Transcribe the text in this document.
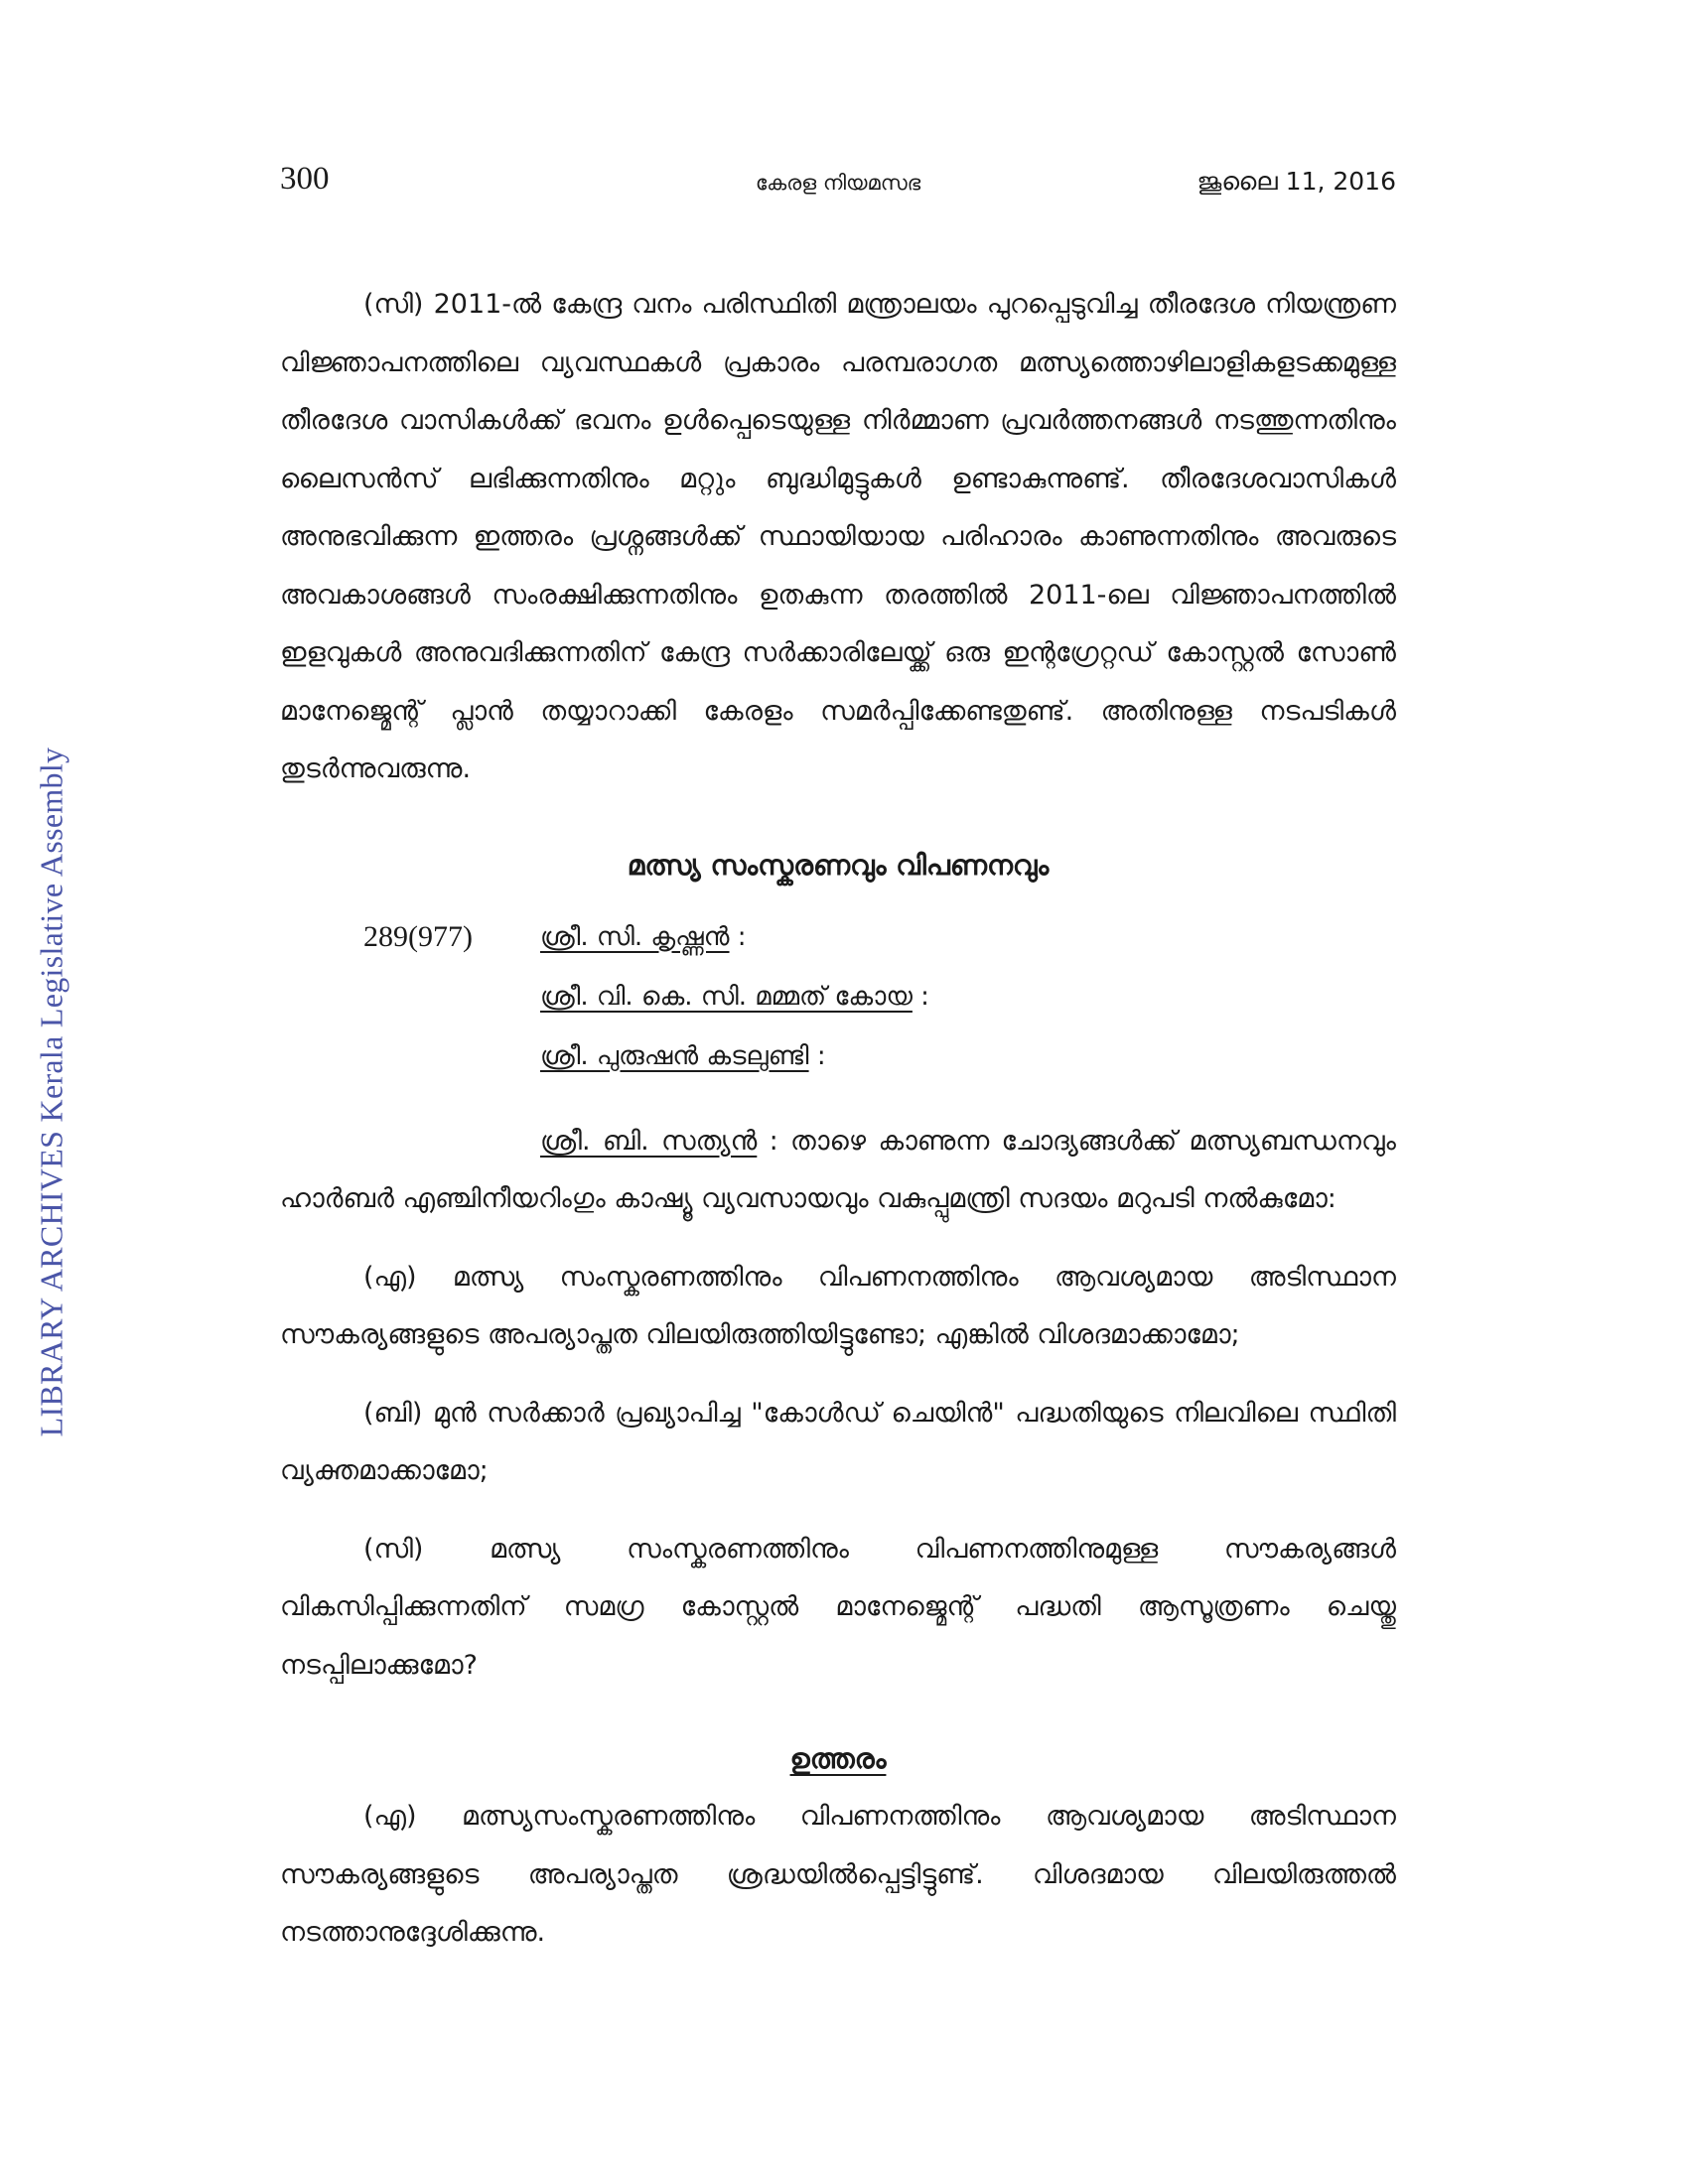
LIBRARY ARCHIVES Kerala Legislative Assembly
300	കേരള നിയമസഭ	ജൂലൈ 11, 2016

(സി) 2011-ൽ കേന്ദ്ര വനം പരിസ്ഥിതി മന്ത്രാലയം പുറപ്പെടുവിച്ച തീരദേശ നിയന്ത്രണ വിജ്ഞാപനത്തിലെ വ്യവസ്ഥകൾ പ്രകാരം പരമ്പരാഗത മത്സ്യത്തൊഴിലാളികളടക്കമുള്ള തീരദേശ വാസികൾക്ക് ഭവനം ഉൾപ്പെടെയുള്ള നിർമ്മാണ പ്രവർത്തനങ്ങൾ നടത്തുന്നതിനും ലൈസൻസ് ലഭിക്കുന്നതിനും മറ്റും ബുദ്ധിമുട്ടുകൾ ഉണ്ടാകുന്നുണ്ട്. തീരദേശവാസികൾ അനുഭവിക്കുന്ന ഇത്തരം പ്രശ്നങ്ങൾക്ക് സ്ഥായിയായ പരിഹാരം കാണുന്നതിനും അവരുടെ അവകാശങ്ങൾ സംരക്ഷിക്കുന്നതിനും ഉതകുന്ന തരത്തിൽ 2011-ലെ വിജ്ഞാപനത്തിൽ ഇളവുകൾ അനുവദിക്കുന്നതിന് കേന്ദ്ര സർക്കാരിലേയ്ക്ക് ഒരു ഇന്റഗ്രേറ്റഡ് കോസ്റ്റൽ സോൺ മാനേജ്മെന്റ് പ്ലാൻ തയ്യാറാക്കി കേരളം സമർപ്പിക്കേണ്ടതുണ്ട്. അതിനുള്ള നടപടികൾ തുടർന്നുവരുന്നു.

മത്സ്യ സംസ്കരണവും വിപണനവും
289(977)	ശ്രീ. സി. കൃഷ്ണൻ :
ശ്രീ. വി. കെ. സി. മമ്മത് കോയ :
ശ്രീ. പുരുഷൻ കടലുണ്ടി :

ശ്രീ. ബി. സത്യൻ : താഴെ കാണുന്ന ചോദ്യങ്ങൾക്ക് മത്സ്യബന്ധനവും ഹാർബർ എഞ്ചിനീയറിംഗും കാഷ്യൂ വ്യവസായവും വകുപ്പുമന്ത്രി സദയം മറുപടി നൽകുമോ:

(എ) മത്സ്യ സംസ്കരണത്തിനും വിപണനത്തിനും ആവശ്യമായ അടിസ്ഥാന സൗകര്യങ്ങളുടെ അപര്യാപ്തത വിലയിരുത്തിയിട്ടുണ്ടോ; എങ്കിൽ വിശദമാക്കാമോ;

(ബി) മുൻ സർക്കാർ പ്രഖ്യാപിച്ച "കോൾഡ് ചെയിൻ" പദ്ധതിയുടെ നിലവിലെ സ്ഥിതി വ്യക്തമാക്കാമോ;

(സി) മത്സ്യ സംസ്കരണത്തിനും വിപണനത്തിനുമുള്ള സൗകര്യങ്ങൾ വികസിപ്പിക്കുന്നതിന് സമഗ്ര കോസ്റ്റൽ മാനേജ്മെന്റ് പദ്ധതി ആസൂത്രണം ചെയ്തു നടപ്പിലാക്കുമോ?

ഉത്തരം

(എ) മത്സ്യസംസ്കരണത്തിനും വിപണനത്തിനും ആവശ്യമായ അടിസ്ഥാന സൗകര്യങ്ങളുടെ അപര്യാപ്തത ശ്രദ്ധയിൽപ്പെട്ടിട്ടുണ്ട്. വിശദമായ വിലയിരുത്തൽ നടത്താനുദ്ദേശിക്കുന്നു.
